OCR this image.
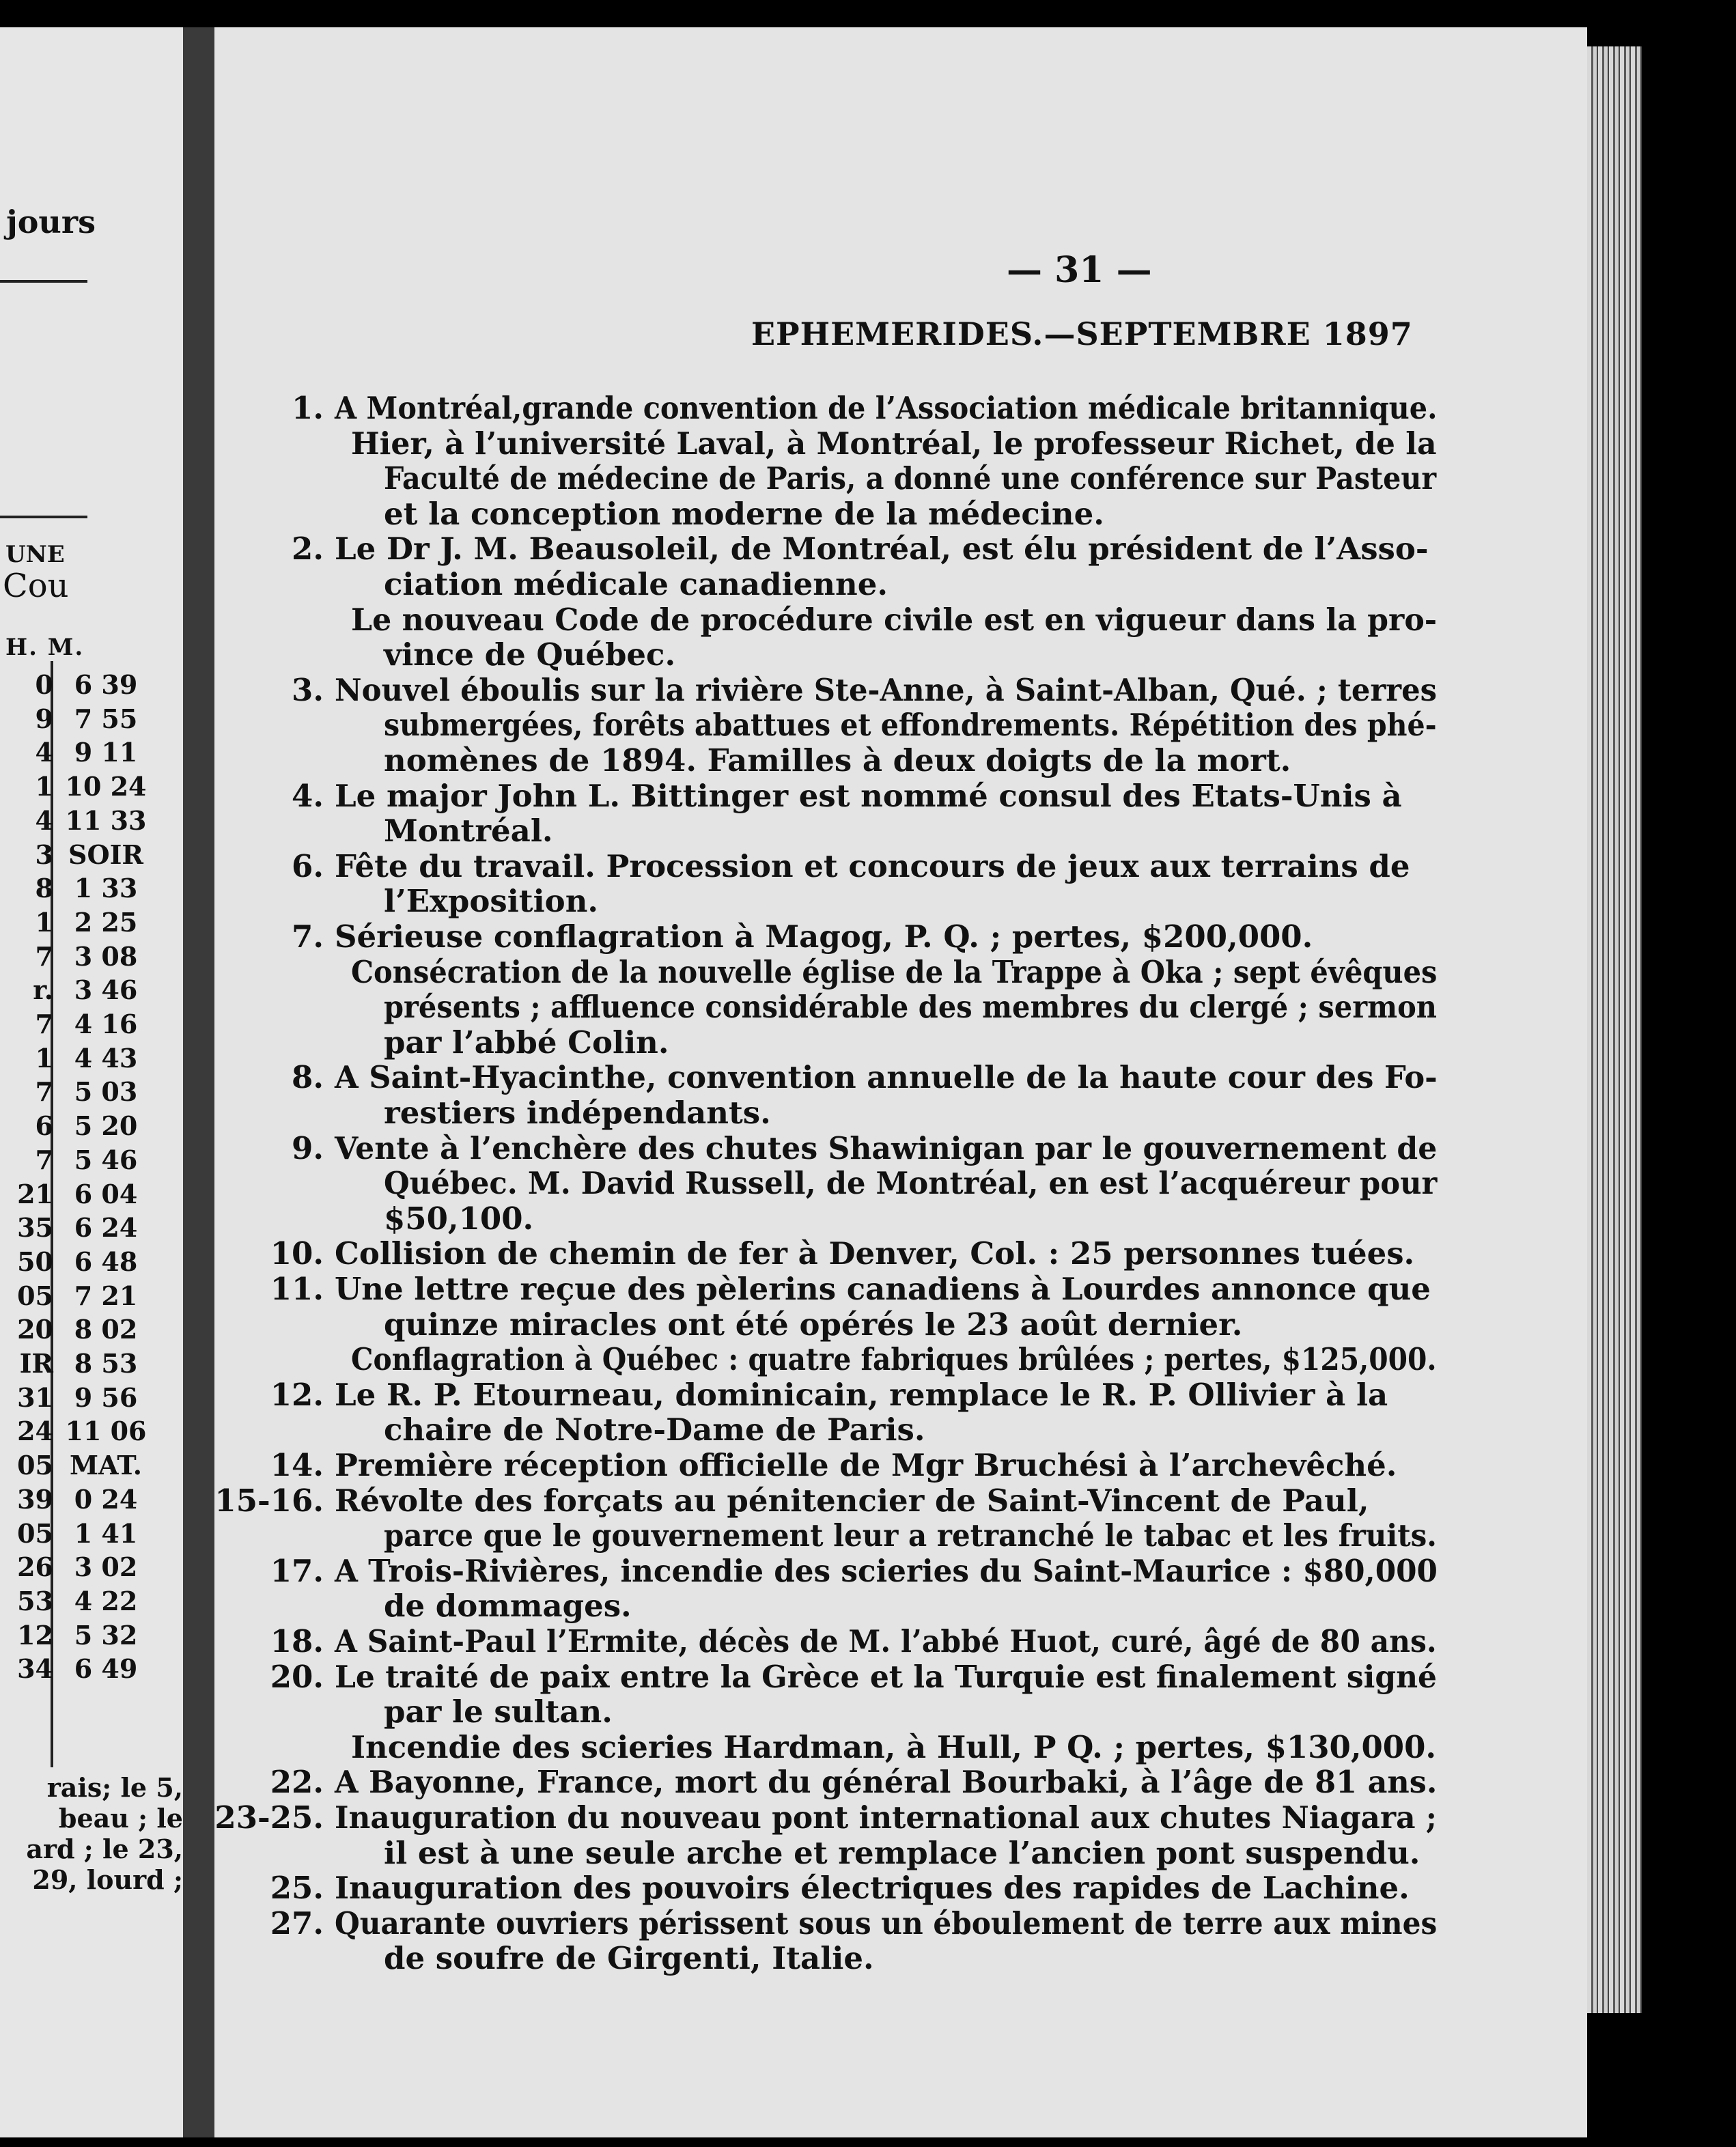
jours
UNE
Cou
H. M.
0 6 39
9 7 55
4 9 11
1 10 24
4 11 33
3 SOIR
8 1 33
1 2 25
7 3 08
r. 3 46
7 4 16
1 4 43
7 5 03
6 5 20
7 5 46
21 6 04
35 6 24
50 6 48
05 7 21
20 8 02
IR 8 53
31 9 56
24 11 06
05 MAT.
39 0 24
05 1 41
26 3 02
53 4 22
12 5 32
34 6 49
rais; le 5,
beau ; le
ard ; le 23,
29, lourd ;
— 31 —
EPHEMERIDES.—SEPTEMBRE 1897
1. A Montréal,grande convention de l’Association médicale britannique.
Hier, à l’université Laval, à Montréal, le professeur Richet, de la
Faculté de médecine de Paris, a donné une conférence sur Pasteur
et la conception moderne de la médecine.
2. Le Dr J. M. Beausoleil, de Montréal, est élu président de l’Asso-
ciation médicale canadienne.
Le nouveau Code de procédure civile est en vigueur dans la pro-
vince de Québec.
3. Nouvel éboulis sur la rivière Ste-Anne, à Saint-Alban, Qué. ; terres
submergées, forêts abattues et effondrements. Répétition des phé-
nomènes de 1894. Familles à deux doigts de la mort.
4. Le major John L. Bittinger est nommé consul des Etats-Unis à
Montréal.
6. Fête du travail. Procession et concours de jeux aux terrains de
l’Exposition.
7. Sérieuse conflagration à Magog, P. Q. ; pertes, $200,000.
Consécration de la nouvelle église de la Trappe à Oka ; sept évêques
présents ; affluence considérable des membres du clergé ; sermon
par l’abbé Colin.
8. A Saint-Hyacinthe, convention annuelle de la haute cour des Fo-
restiers indépendants.
9. Vente à l’enchère des chutes Shawinigan par le gouvernement de
Québec. M. David Russell, de Montréal, en est l’acquéreur pour
$50,100.
10. Collision de chemin de fer à Denver, Col. : 25 personnes tuées.
11. Une lettre reçue des pèlerins canadiens à Lourdes annonce que
quinze miracles ont été opérés le 23 août dernier.
Conflagration à Québec : quatre fabriques brûlées ; pertes, $125,000.
12. Le R. P. Etourneau, dominicain, remplace le R. P. Ollivier à la
chaire de Notre-Dame de Paris.
14. Première réception officielle de Mgr Bruchési à l’archevêché.
15-16. Révolte des forçats au pénitencier de Saint-Vincent de Paul,
parce que le gouvernement leur a retranché le tabac et les fruits.
17. A Trois-Rivières, incendie des scieries du Saint-Maurice : $80,000
de dommages.
18. A Saint-Paul l’Ermite, décès de M. l’abbé Huot, curé, âgé de 80 ans.
20. Le traité de paix entre la Grèce et la Turquie est finalement signé
par le sultan.
Incendie des scieries Hardman, à Hull, P Q. ; pertes, $130,000.
22. A Bayonne, France, mort du général Bourbaki, à l’âge de 81 ans.
23-25. Inauguration du nouveau pont international aux chutes Niagara ;
il est à une seule arche et remplace l’ancien pont suspendu.
25. Inauguration des pouvoirs électriques des rapides de Lachine.
27. Quarante ouvriers périssent sous un éboulement de terre aux mines
de soufre de Girgenti, Italie.
